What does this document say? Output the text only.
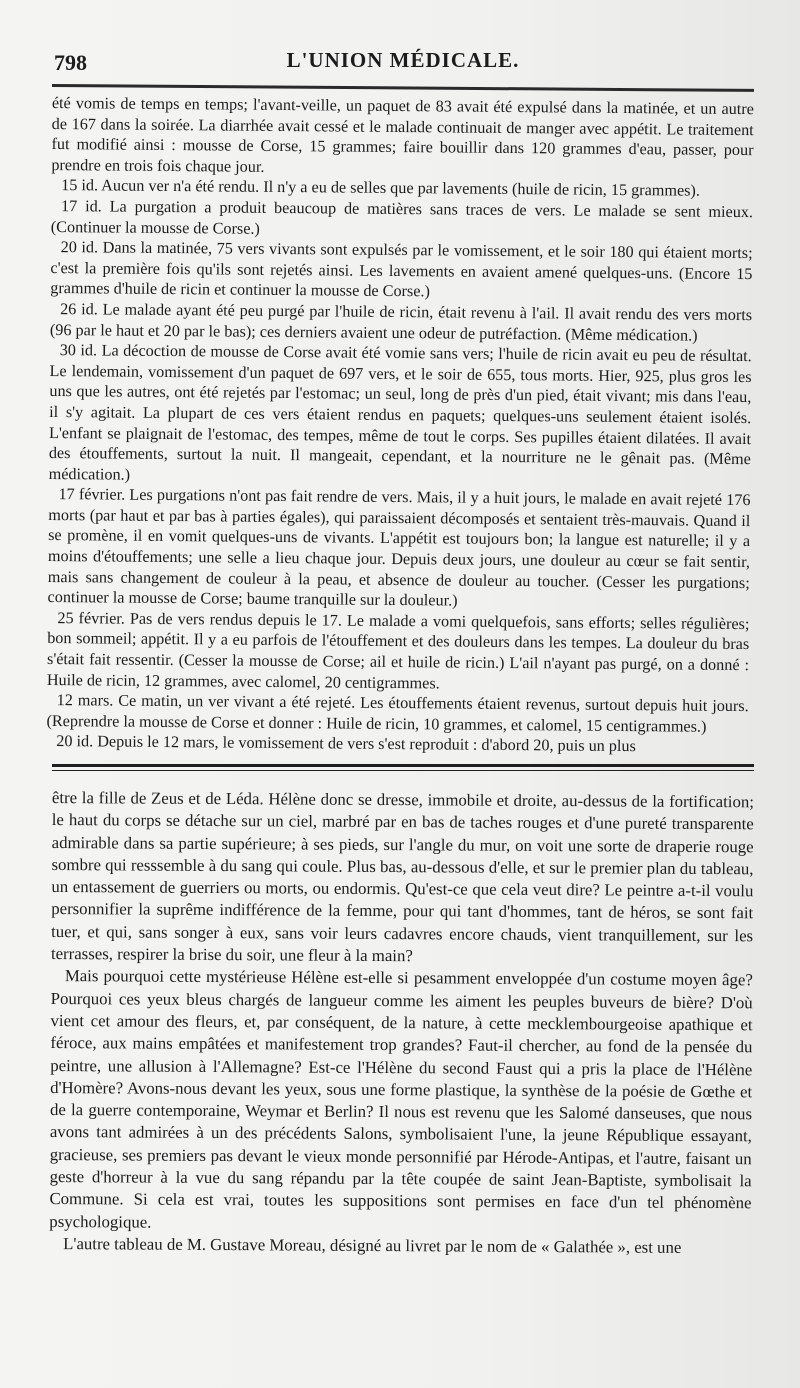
798	L'UNION MÉDICALE.

été vomis de temps en temps; l'avant-veille, un paquet de 83 avait été expulsé dans la matinée, et un autre de 167 dans la soirée. La diarrhée avait cessé et le malade continuait de manger avec appétit. Le traitement fut modifié ainsi : mousse de Corse, 15 grammes; faire bouillir dans 120 grammes d'eau, passer, pour prendre en trois fois chaque jour.

15 id. Aucun ver n'a été rendu. Il n'y a eu de selles que par lavements (huile de ricin, 15 grammes).

17 id. La purgation a produit beaucoup de matières sans traces de vers. Le malade se sent mieux. (Continuer la mousse de Corse.)

20 id. Dans la matinée, 75 vers vivants sont expulsés par le vomissement, et le soir 180 qui étaient morts; c'est la première fois qu'ils sont rejetés ainsi. Les lavements en avaient amené quelques-uns. (Encore 15 grammes d'huile de ricin et continuer la mousse de Corse.)

26 id. Le malade ayant été peu purgé par l'huile de ricin, était revenu à l'ail. Il avait rendu des vers morts (96 par le haut et 20 par le bas); ces derniers avaient une odeur de putréfaction. (Même médication.)

30 id. La décoction de mousse de Corse avait été vomie sans vers; l'huile de ricin avait eu peu de résultat. Le lendemain, vomissement d'un paquet de 697 vers, et le soir de 655, tous morts. Hier, 925, plus gros les uns que les autres, ont été rejetés par l'estomac; un seul, long de près d'un pied, était vivant; mis dans l'eau, il s'y agitait. La plupart de ces vers étaient rendus en paquets; quelques-uns seulement étaient isolés. L'enfant se plaignait de l'estomac, des tempes, même de tout le corps. Ses pupilles étaient dilatées. Il avait des étouffements, surtout la nuit. Il mangeait, cependant, et la nourriture ne le gênait pas. (Même médication.)

17 février. Les purgations n'ont pas fait rendre de vers. Mais, il y a huit jours, le malade en avait rejeté 176 morts (par haut et par bas à parties égales), qui paraissaient décomposés et sentaient très-mauvais. Quand il se promène, il en vomit quelques-uns de vivants. L'appétit est toujours bon; la langue est naturelle; il y a moins d'étouffements; une selle a lieu chaque jour. Depuis deux jours, une douleur au cœur se fait sentir, mais sans changement de couleur à la peau, et absence de douleur au toucher. (Cesser les purgations; continuer la mousse de Corse; baume tranquille sur la douleur.)

25 février. Pas de vers rendus depuis le 17. Le malade a vomi quelquefois, sans efforts; selles régulières; bon sommeil; appétit. Il y a eu parfois de l'étouffement et des douleurs dans les tempes. La douleur du bras s'était fait ressentir. (Cesser la mousse de Corse; ail et huile de ricin.) L'ail n'ayant pas purgé, on a donné : Huile de ricin, 12 grammes, avec calomel, 20 centigrammes.

12 mars. Ce matin, un ver vivant a été rejeté. Les étouffements étaient revenus, surtout depuis huit jours. (Reprendre la mousse de Corse et donner : Huile de ricin, 10 grammes, et calomel, 15 centigrammes.)

20 id. Depuis le 12 mars, le vomissement de vers s'est reproduit : d'abord 20, puis un plus

être la fille de Zeus et de Léda. Hélène donc se dresse, immobile et droite, au-dessus de la fortification; le haut du corps se détache sur un ciel, marbré par en bas de taches rouges et d'une pureté transparente admirable dans sa partie supérieure; à ses pieds, sur l'angle du mur, on voit une sorte de draperie rouge sombre qui resssemble à du sang qui coule. Plus bas, au-dessous d'elle, et sur le premier plan du tableau, un entassement de guerriers ou morts, ou endormis. Qu'est-ce que cela veut dire? Le peintre a-t-il voulu personnifier la suprême indifférence de la femme, pour qui tant d'hommes, tant de héros, se sont fait tuer, et qui, sans songer à eux, sans voir leurs cadavres encore chauds, vient tranquillement, sur les terrasses, respirer la brise du soir, une fleur à la main?

Mais pourquoi cette mystérieuse Hélène est-elle si pesamment enveloppée d'un costume moyen âge? Pourquoi ces yeux bleus chargés de langueur comme les aiment les peuples buveurs de bière? D'où vient cet amour des fleurs, et, par conséquent, de la nature, à cette mecklembourgeoise apathique et féroce, aux mains empâtées et manifestement trop grandes? Faut-il chercher, au fond de la pensée du peintre, une allusion à l'Allemagne? Est-ce l'Hélène du second Faust qui a pris la place de l'Hélène d'Homère? Avons-nous devant les yeux, sous une forme plastique, la synthèse de la poésie de Gœthe et de la guerre contemporaine, Weymar et Berlin? Il nous est revenu que les Salomé danseuses, que nous avons tant admirées à un des précédents Salons, symbolisaient l'une, la jeune République essayant, gracieuse, ses premiers pas devant le vieux monde personnifié par Hérode-Antipas, et l'autre, faisant un geste d'horreur à la vue du sang répandu par la tête coupée de saint Jean-Baptiste, symbolisait la Commune. Si cela est vrai, toutes les suppositions sont permises en face d'un tel phénomène psychologique.

L'autre tableau de M. Gustave Moreau, désigné au livret par le nom de « Galathée », est une
